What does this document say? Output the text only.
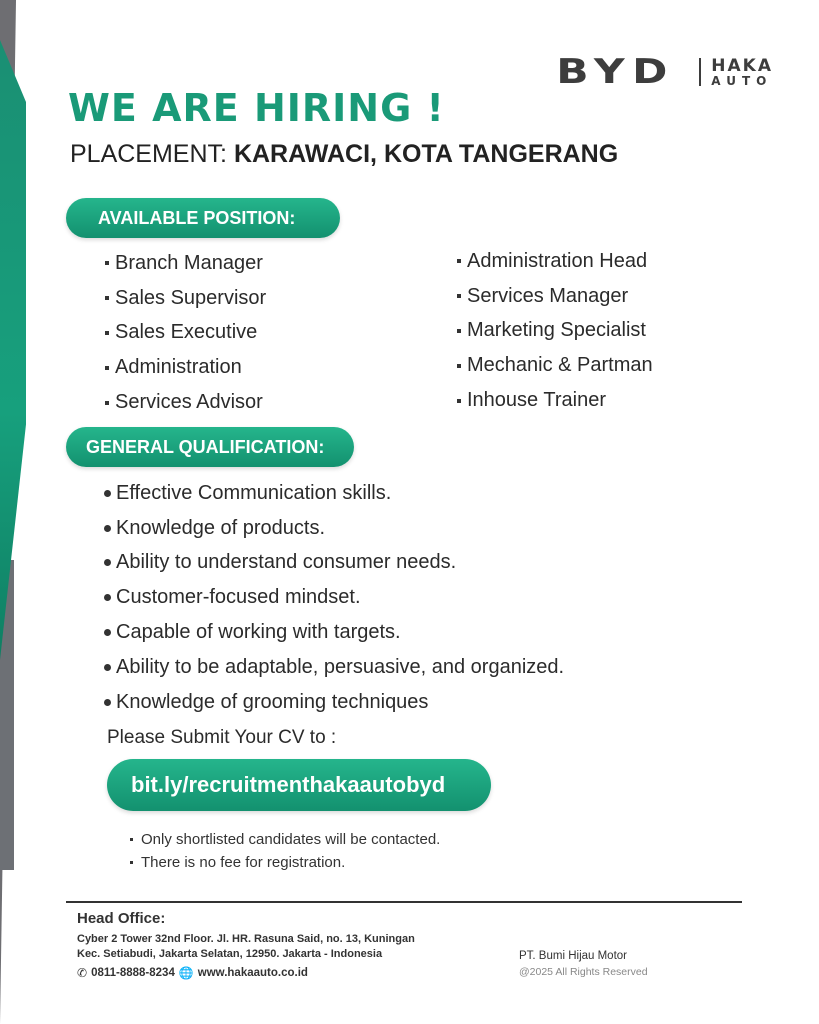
BYD HAKA
AUTO
WE ARE HIRING !
PLACEMENT: KARAWACI, KOTA TANGERANG
AVAILABLE POSITION:
Branch Manager
Sales Supervisor
Sales Executive
Administration
Services Advisor
Administration Head
Services Manager
Marketing Specialist
Mechanic & Partman
Inhouse Trainer
GENERAL QUALIFICATION:
Effective Communication skills.
Knowledge of products.
Ability to understand consumer needs.
Customer-focused mindset.
Capable of working with targets.
Ability to be adaptable, persuasive, and organized.
Knowledge of grooming techniques
Please Submit Your CV to :
bit.ly/recruitmenthakaautobyd
Only shortlisted candidates will be contacted.
There is no fee for registration.
Head Office:
Cyber 2 Tower 32nd Floor. Jl. HR. Rasuna Said, no. 13, Kuningan
Kec. Setiabudi, Jakarta Selatan, 12950. Jakarta - Indonesia
✆ 0811-8888-8234 🌐 www.hakaauto.co.id
PT. Bumi Hijau Motor
@2025 All Rights Reserved
